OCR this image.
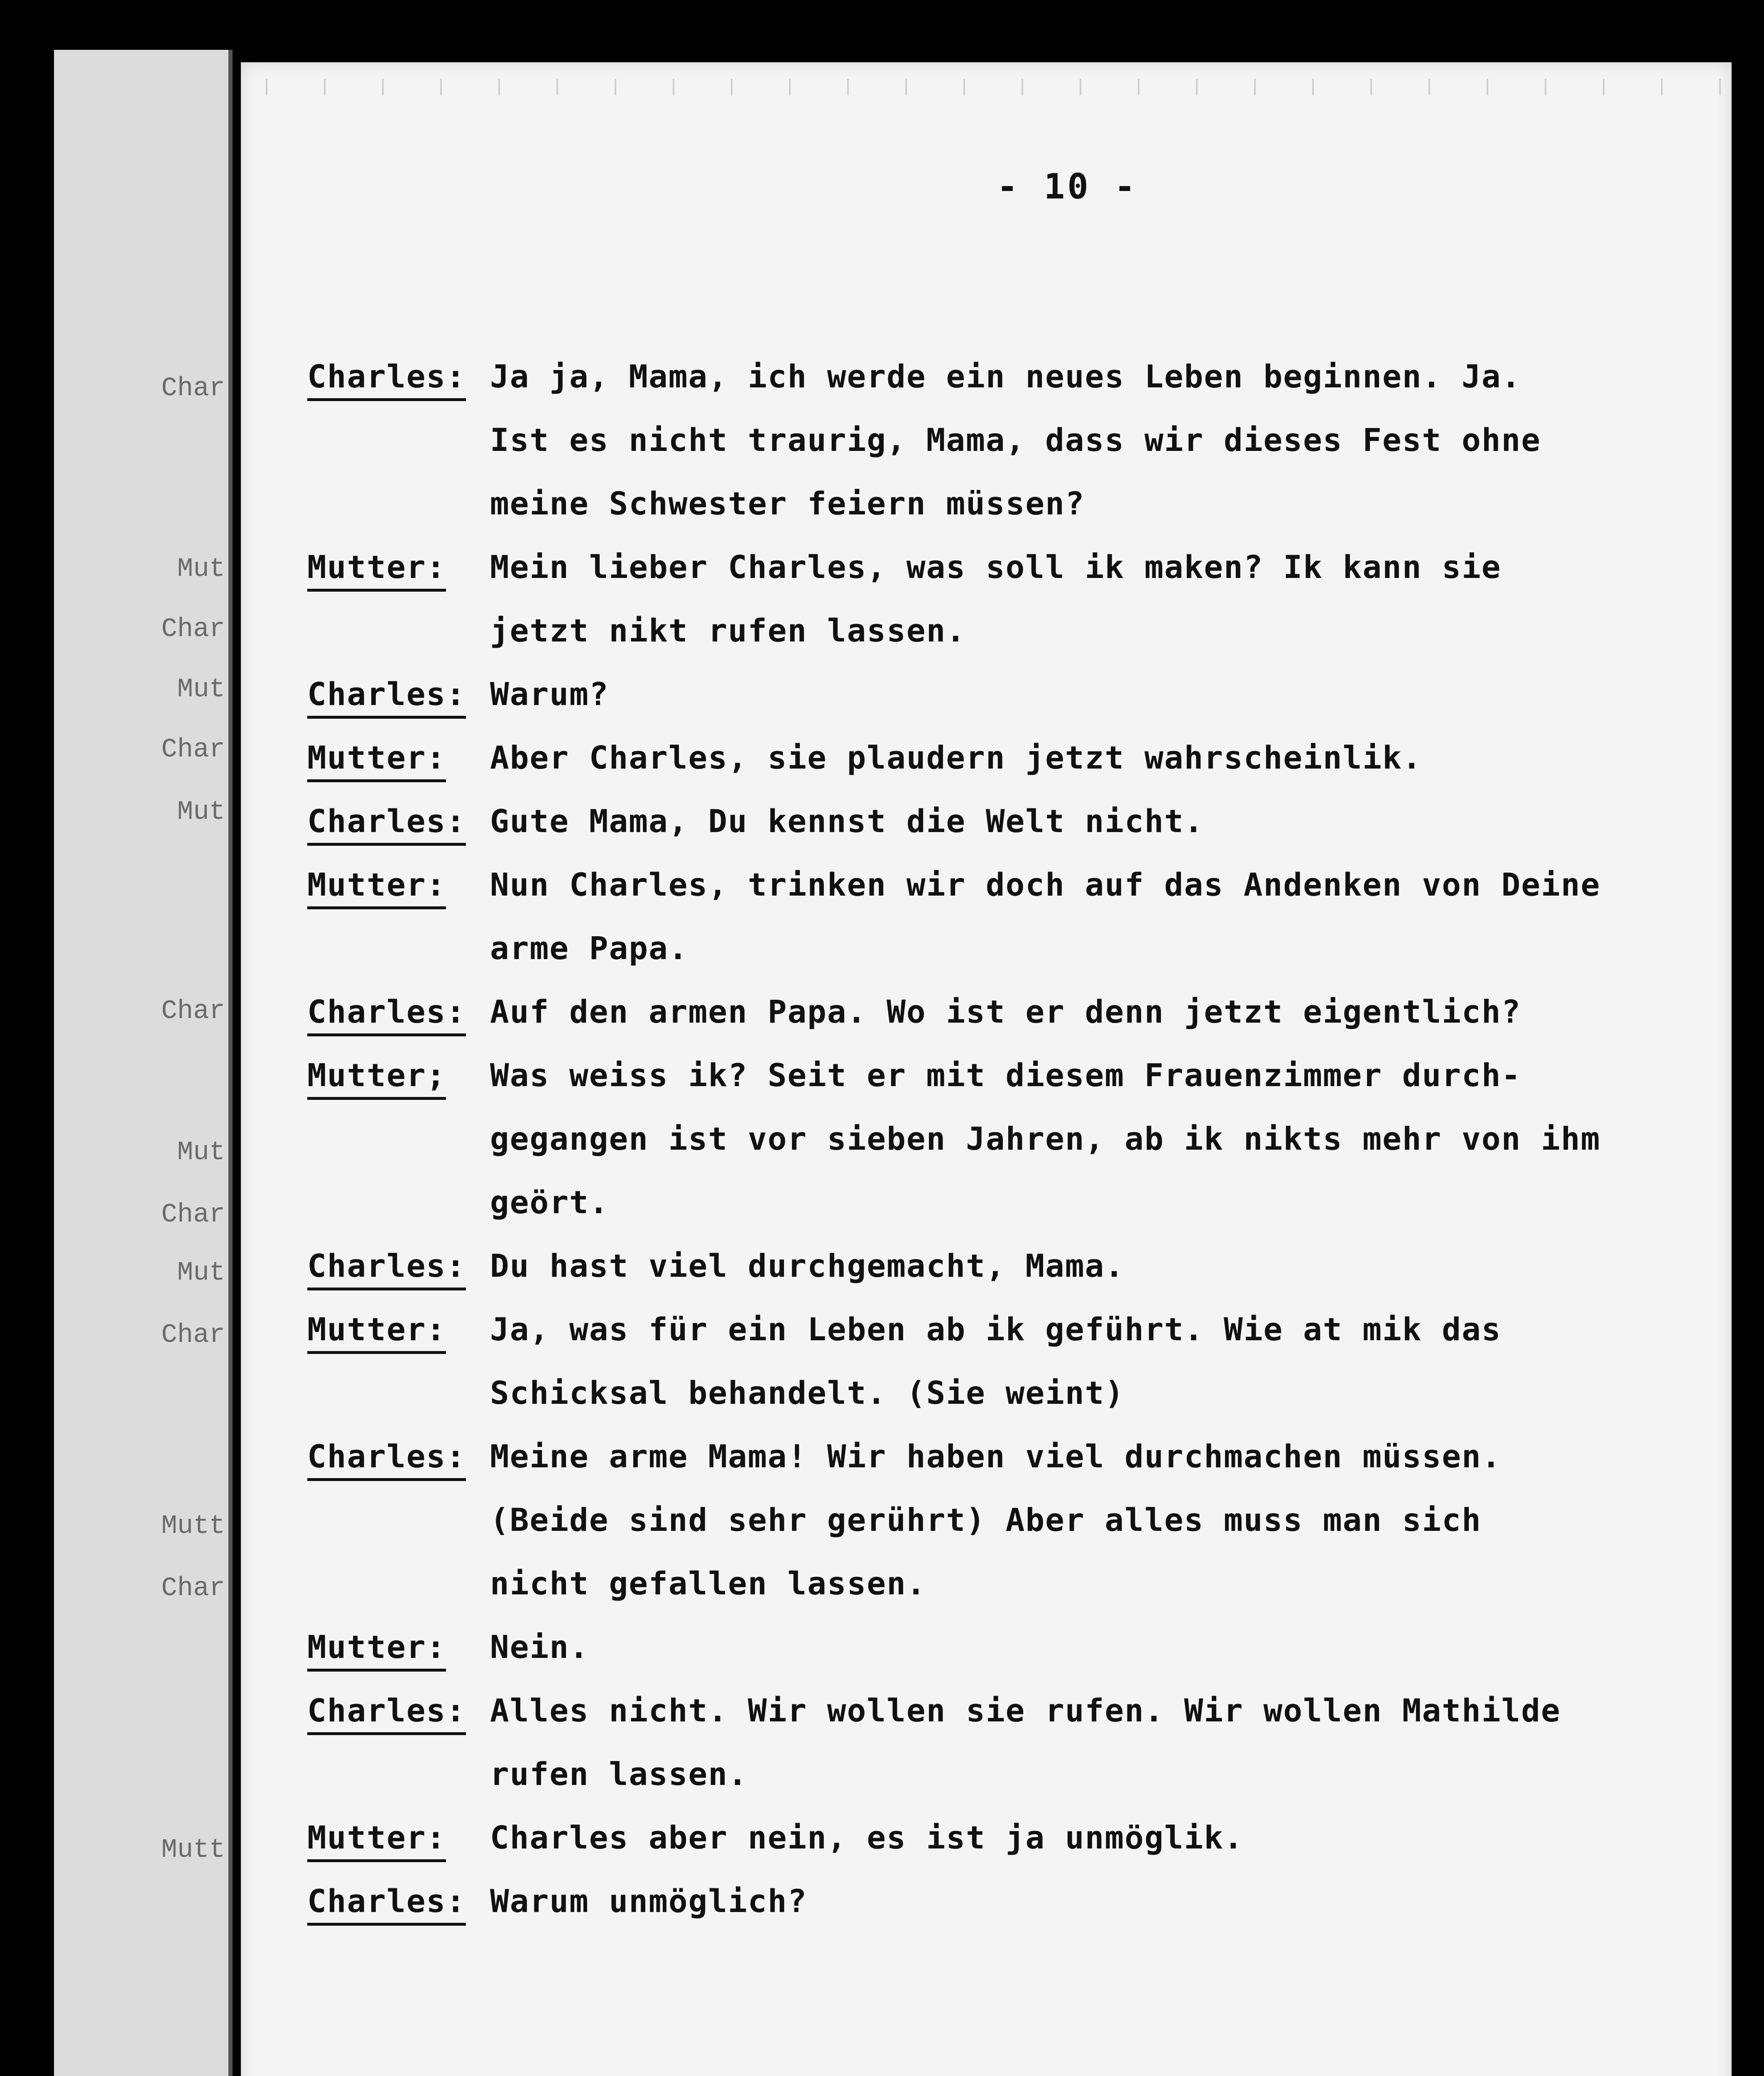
Char
Mut
Char
Mut
Char
Mut
Char
Mut
Char
Mut
Char
Mutt
Char
Mutt
- 10 -
Charles: Ja ja, Mama, ich werde ein neues Leben beginnen. Ja.
Ist es nicht traurig, Mama, dass wir dieses Fest ohne
meine Schwester feiern müssen?
Mutter:	Mein lieber Charles, was soll ik maken? Ik kann sie
jetzt nikt rufen lassen.
Charles: Warum?
Mutter:	Aber Charles, sie plaudern jetzt wahrscheinlik.
Charles: Gute Mama, Du kennst die Welt nicht.
Mutter:	Nun Charles, trinken wir doch auf das Andenken von Deine
arme Papa.
Charles: Auf den armen Papa. Wo ist er denn jetzt eigentlich?
Mutter;	Was weiss ik? Seit er mit diesem Frauenzimmer durch-
gegangen ist vor sieben Jahren, ab ik nikts mehr von ihm
geört.
Charles: Du hast viel durchgemacht, Mama.
Mutter:	Ja, was für ein Leben ab ik geführt. Wie at mik das
Schicksal behandelt. (Sie weint)
Charles: Meine arme Mama! Wir haben viel durchmachen müssen.
(Beide sind sehr gerührt) Aber alles muss man sich
nicht gefallen lassen.
Mutter:	Nein.
Charles: Alles nicht. Wir wollen sie rufen. Wir wollen Mathilde
rufen lassen.
Mutter:	Charles aber nein, es ist ja unmöglik.
Charles: Warum unmöglich?
